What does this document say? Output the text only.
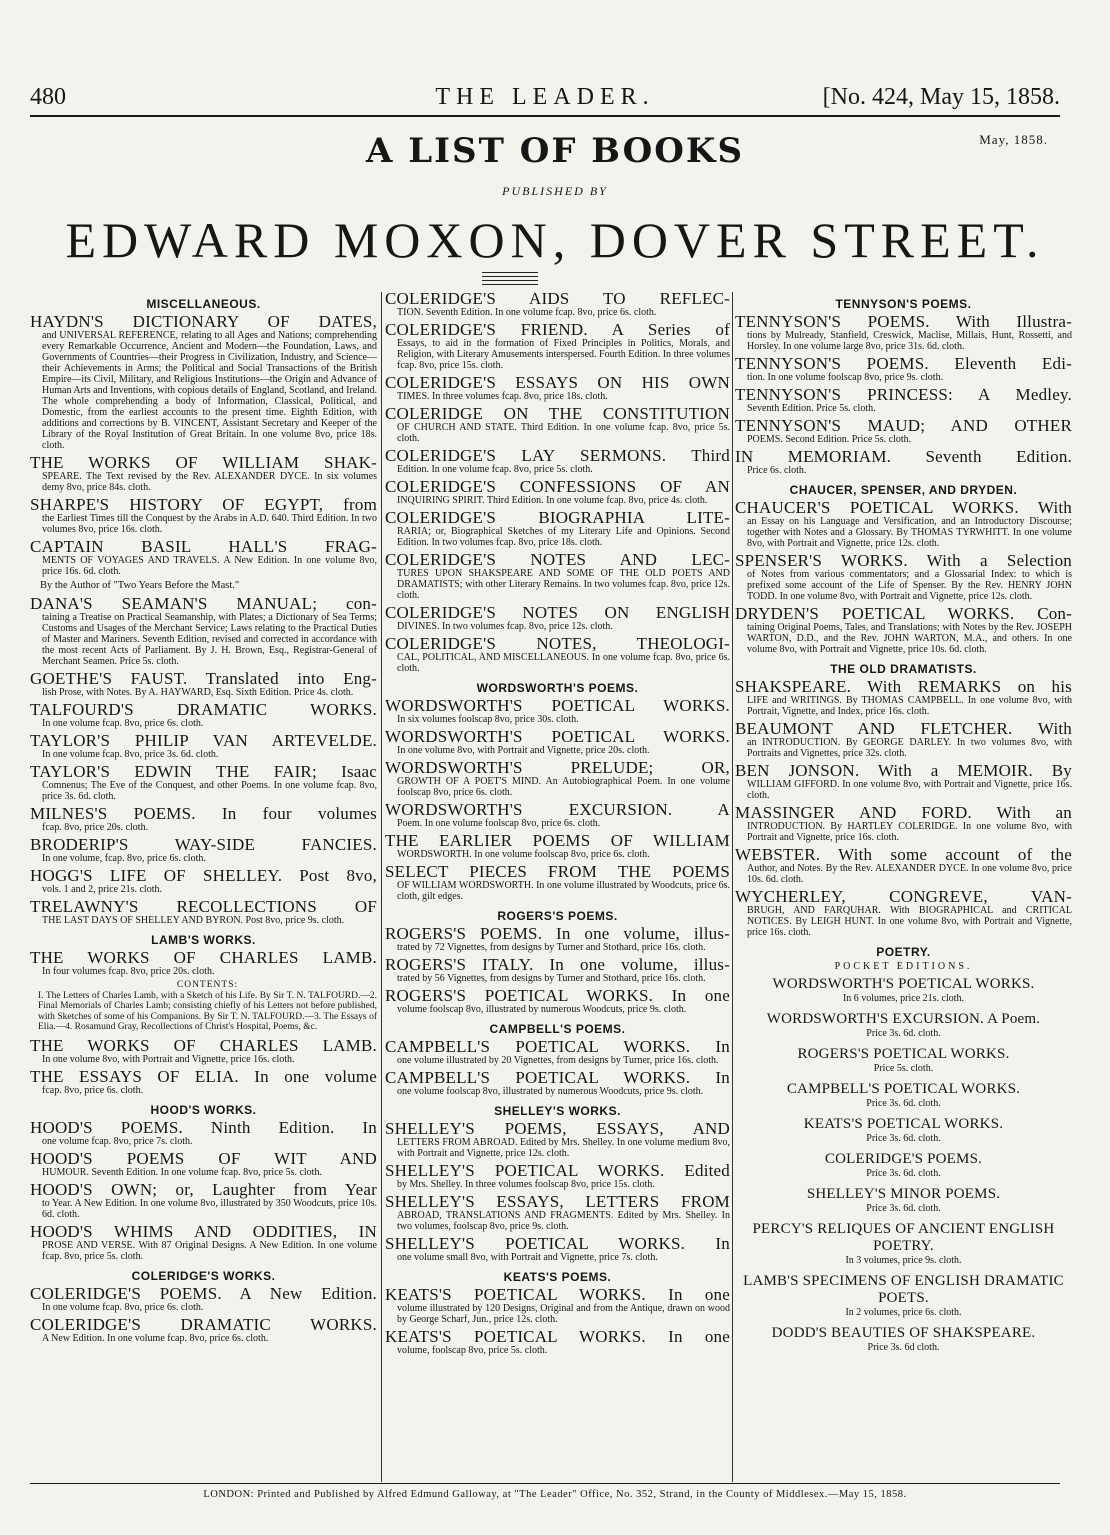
480	THE LEADER.	[No. 424, May 15, 1858.
May, 1858.
A LIST OF BOOKS
PUBLISHED BY
EDWARD MOXON, DOVER STREET.
MISCELLANEOUS.
HAYDN'S DICTIONARY OF DATES,
and UNIVERSAL REFERENCE, relating to all Ages and Nations; comprehending every Remarkable Occurrence, Ancient and Modern—the Foundation, Laws, and Governments of Countries—their Progress in Civilization, Industry, and Science—their Achievements in Arms; the Political and Social Transactions of the British Empire—its Civil, Military, and Religious Institutions—the Origin and Advance of Human Arts and Inventions, with copious details of England, Scotland, and Ireland. The whole comprehending a body of Information, Classical, Political, and Domestic, from the earliest accounts to the present time. Eighth Edition, with additions and corrections by B. VINCENT, Assistant Secretary and Keeper of the Library of the Royal Institution of Great Britain. In one volume 8vo, price 18s. cloth.
THE WORKS OF WILLIAM SHAK-
SPEARE. The Text revised by the Rev. ALEXANDER DYCE. In six volumes demy 8vo, price 84s. cloth.
SHARPE'S HISTORY OF EGYPT, from
the Earliest Times till the Conquest by the Arabs in A.D. 640. Third Edition. In two volumes 8vo, price 16s. cloth.
CAPTAIN BASIL HALL'S FRAG-
MENTS OF VOYAGES AND TRAVELS. A New Edition. In one volume 8vo, price 16s. 6d. cloth.
By the Author of "Two Years Before the Mast."
DANA'S SEAMAN'S MANUAL; con-
taining a Treatise on Practical Seamanship, with Plates; a Dictionary of Sea Terms; Customs and Usages of the Merchant Service; Laws relating to the Practical Duties of Master and Mariners. Seventh Edition, revised and corrected in accordance with the most recent Acts of Parliament. By J. H. Brown, Esq., Registrar-General of Merchant Seamen. Price 5s. cloth.
GOETHE'S FAUST. Translated into Eng-
lish Prose, with Notes. By A. HAYWARD, Esq. Sixth Edition. Price 4s. cloth.
TALFOURD'S DRAMATIC WORKS.
In one volume fcap. 8vo, price 6s. cloth.
TAYLOR'S PHILIP VAN ARTEVELDE.
In one volume fcap. 8vo, price 3s. 6d. cloth.
TAYLOR'S EDWIN THE FAIR; Isaac
Comnenus; The Eve of the Conquest, and other Poems. In one volume fcap. 8vo, price 3s. 6d. cloth.
MILNES'S POEMS. In four volumes
fcap. 8vo, price 20s. cloth.
BRODERIP'S WAY-SIDE FANCIES.
In one volume, fcap. 8vo, price 6s. cloth.
HOGG'S LIFE OF SHELLEY. Post 8vo,
vols. 1 and 2, price 21s. cloth.
TRELAWNY'S RECOLLECTIONS OF
THE LAST DAYS OF SHELLEY AND BYRON. Post 8vo, price 9s. cloth.
LAMB'S WORKS.
THE WORKS OF CHARLES LAMB.
In four volumes fcap. 8vo, price 20s. cloth.
CONTENTS:
I. The Letters of Charles Lamb, with a Sketch of his Life. By Sir T. N. TALFOURD.—2. Final Memorials of Charles Lamb; consisting chiefly of his Letters not before published, with Sketches of some of his Companions. By Sir T. N. TALFOURD.—3. The Essays of Elia.—4. Rosamund Gray, Recollections of Christ's Hospital, Poems, &c.
THE WORKS OF CHARLES LAMB.
In one volume 8vo, with Portrait and Vignette, price 16s. cloth.
THE ESSAYS OF ELIA. In one volume
fcap. 8vo, price 6s. cloth.
HOOD'S WORKS.
HOOD'S POEMS. Ninth Edition. In
one volume fcap. 8vo, price 7s. cloth.
HOOD'S POEMS OF WIT AND
HUMOUR. Seventh Edition. In one volume fcap. 8vo, price 5s. cloth.
HOOD'S OWN; or, Laughter from Year
to Year. A New Edition. In one volume 8vo, illustrated by 350 Woodcuts, price 10s. 6d. cloth.
HOOD'S WHIMS AND ODDITIES, IN
PROSE AND VERSE. With 87 Original Designs. A New Edition. In one volume fcap. 8vo, price 5s. cloth.
COLERIDGE'S WORKS.
COLERIDGE'S POEMS. A New Edition.
In one volume fcap. 8vo, price 6s. cloth.
COLERIDGE'S DRAMATIC WORKS.
A New Edition. In one volume fcap. 8vo, price 6s. cloth.
COLERIDGE'S AIDS TO REFLEC-
TION. Seventh Edition. In one volume fcap. 8vo, price 6s. cloth.
COLERIDGE'S FRIEND. A Series of
Essays, to aid in the formation of Fixed Principles in Politics, Morals, and Religion, with Literary Amusements interspersed. Fourth Edition. In three volumes fcap. 8vo, price 15s. cloth.
COLERIDGE'S ESSAYS ON HIS OWN
TIMES. In three volumes fcap. 8vo, price 18s. cloth.
COLERIDGE ON THE CONSTITUTION
OF CHURCH AND STATE. Third Edition. In one volume fcap. 8vo, price 5s. cloth.
COLERIDGE'S LAY SERMONS. Third
Edition. In one volume fcap. 8vo, price 5s. cloth.
COLERIDGE'S CONFESSIONS OF AN
INQUIRING SPIRIT. Third Edition. In one volume fcap. 8vo, price 4s. cloth.
COLERIDGE'S BIOGRAPHIA LITE-
RARIA; or, Biographical Sketches of my Literary Life and Opinions. Second Edition. In two volumes fcap. 8vo, price 18s. cloth.
COLERIDGE'S NOTES AND LEC-
TURES UPON SHAKSPEARE AND SOME OF THE OLD POETS AND DRAMATISTS; with other Literary Remains. In two volumes fcap. 8vo, price 12s. cloth.
COLERIDGE'S NOTES ON ENGLISH
DIVINES. In two volumes fcap. 8vo, price 12s. cloth.
COLERIDGE'S NOTES, THEOLOGI-
CAL, POLITICAL, AND MISCELLANEOUS. In one volume fcap. 8vo, price 6s. cloth.
WORDSWORTH'S POEMS.
WORDSWORTH'S POETICAL WORKS.
In six volumes foolscap 8vo, price 30s. cloth.
WORDSWORTH'S POETICAL WORKS.
In one volume 8vo, with Portrait and Vignette, price 20s. cloth.
WORDSWORTH'S PRELUDE; OR,
GROWTH OF A POET'S MIND. An Autobiographical Poem. In one volume foolscap 8vo, price 6s. cloth.
WORDSWORTH'S EXCURSION. A
Poem. In one volume foolscap 8vo, price 6s. cloth.
THE EARLIER POEMS OF WILLIAM
WORDSWORTH. In one volume foolscap 8vo, price 6s. cloth.
SELECT PIECES FROM THE POEMS
OF WILLIAM WORDSWORTH. In one volume illustrated by Woodcuts, price 6s. cloth, gilt edges.
ROGERS'S POEMS.
ROGERS'S POEMS. In one volume, illus-
trated by 72 Vignettes, from designs by Turner and Stothard, price 16s. cloth.
ROGERS'S ITALY. In one volume, illus-
trated by 56 Vignettes, from designs by Turner and Stothard, price 16s. cloth.
ROGERS'S POETICAL WORKS. In one
volume foolscap 8vo, illustrated by numerous Woodcuts, price 9s. cloth.
CAMPBELL'S POEMS.
CAMPBELL'S POETICAL WORKS. In
one volume illustrated by 20 Vignettes, from designs by Turner, price 16s. cloth.
CAMPBELL'S POETICAL WORKS. In
one volume foolscap 8vo, illustrated by numerous Woodcuts, price 9s. cloth.
SHELLEY'S WORKS.
SHELLEY'S POEMS, ESSAYS, AND
LETTERS FROM ABROAD. Edited by Mrs. Shelley. In one volume medium 8vo, with Portrait and Vignette, price 12s. cloth.
SHELLEY'S POETICAL WORKS. Edited
by Mrs. Shelley. In three volumes foolscap 8vo, price 15s. cloth.
SHELLEY'S ESSAYS, LETTERS FROM
ABROAD, TRANSLATIONS AND FRAGMENTS. Edited by Mrs. Shelley. In two volumes, foolscap 8vo, price 9s. cloth.
SHELLEY'S POETICAL WORKS. In
one volume small 8vo, with Portrait and Vignette, price 7s. cloth.
KEATS'S POEMS.
KEATS'S POETICAL WORKS. In one
volume illustrated by 120 Designs, Original and from the Antique, drawn on wood by George Scharf, Jun., price 12s. cloth.
KEATS'S POETICAL WORKS. In one
volume, foolscap 8vo, price 5s. cloth.
TENNYSON'S POEMS.
TENNYSON'S POEMS. With Illustra-
tions by Mulready, Stanfield, Creswick, Maclise, Millais, Hunt, Rossetti, and Horsley. In one volume large 8vo, price 31s. 6d. cloth.
TENNYSON'S POEMS. Eleventh Edi-
tion. In one volume foolscap 8vo, price 9s. cloth.
TENNYSON'S PRINCESS: A Medley.
Seventh Edition. Price 5s. cloth.
TENNYSON'S MAUD; AND OTHER
POEMS. Second Edition. Price 5s. cloth.
IN MEMORIAM. Seventh Edition.
Price 6s. cloth.
CHAUCER, SPENSER, AND DRYDEN.
CHAUCER'S POETICAL WORKS. With
an Essay on his Language and Versification, and an Introductory Discourse; together with Notes and a Glossary. By THOMAS TYRWHITT. In one volume 8vo, with Portrait and Vignette, price 12s. cloth.
SPENSER'S WORKS. With a Selection
of Notes from various commentators; and a Glossarial Index: to which is prefixed some account of the Life of Spenser. By the Rev. HENRY JOHN TODD. In one volume 8vo, with Portrait and Vignette, price 12s. cloth.
DRYDEN'S POETICAL WORKS. Con-
taining Original Poems, Tales, and Translations; with Notes by the Rev. JOSEPH WARTON, D.D., and the Rev. JOHN WARTON, M.A., and others. In one volume 8vo, with Portrait and Vignette, price 10s. 6d. cloth.
THE OLD DRAMATISTS.
SHAKSPEARE. With REMARKS on his
LIFE and WRITINGS. By THOMAS CAMPBELL. In one volume 8vo, with Portrait, Vignette, and Index, price 16s. cloth.
BEAUMONT AND FLETCHER. With
an INTRODUCTION. By GEORGE DARLEY. In two volumes 8vo, with Portraits and Vignettes, price 32s. cloth.
BEN JONSON. With a MEMOIR. By
WILLIAM GIFFORD. In one volume 8vo, with Portrait and Vignette, price 16s. cloth.
MASSINGER AND FORD. With an
INTRODUCTION. By HARTLEY COLERIDGE. In one volume 8vo, with Portrait and Vignette, price 16s. cloth.
WEBSTER. With some account of the
Author, and Notes. By the Rev. ALEXANDER DYCE. In one volume 8vo, price 10s. 6d. cloth.
WYCHERLEY, CONGREVE, VAN-
BRUGH, AND FARQUHAR. With BIOGRAPHICAL and CRITICAL NOTICES. By LEIGH HUNT. In one volume 8vo, with Portrait and Vignette, price 16s. cloth.
POETRY.
POCKET EDITIONS.
WORDSWORTH'S POETICAL WORKS.
In 6 volumes, price 21s. cloth.
WORDSWORTH'S EXCURSION. A Poem.
Price 3s. 6d. cloth.
ROGERS'S POETICAL WORKS.
Price 5s. cloth.
CAMPBELL'S POETICAL WORKS.
Price 3s. 6d. cloth.
KEATS'S POETICAL WORKS.
Price 3s. 6d. cloth.
COLERIDGE'S POEMS.
Price 3s. 6d. cloth.
SHELLEY'S MINOR POEMS.
Price 3s. 6d. cloth.
PERCY'S RELIQUES OF ANCIENT ENGLISH POETRY.
In 3 volumes, price 9s. cloth.
LAMB'S SPECIMENS OF ENGLISH DRAMATIC POETS.
In 2 volumes, price 6s. cloth.
DODD'S BEAUTIES OF SHAKSPEARE.
Price 3s. 6d cloth.
LONDON: Printed and Published by Alfred Edmund Galloway, at "The Leader" Office, No. 352, Strand, in the County of Middlesex.—May 15, 1858.
